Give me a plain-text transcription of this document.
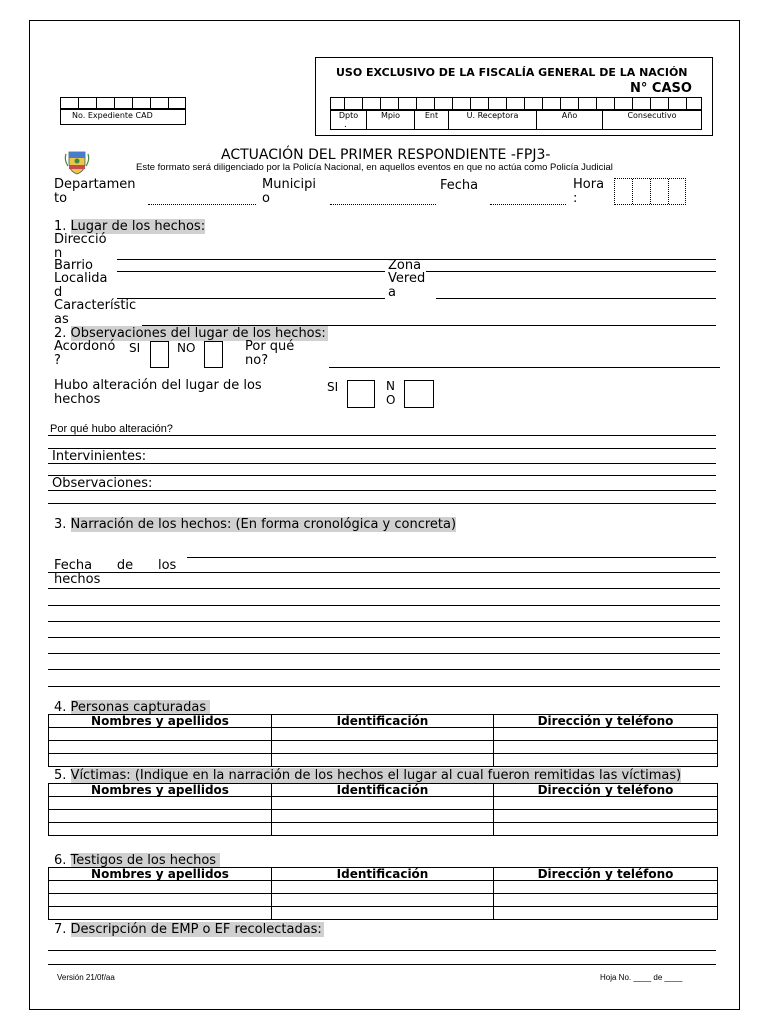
USO EXCLUSIVO DE LA FISCALÍA GENERAL DE LA NACIÓN
N° CASO
Dpto	Mpio	Ent	U. Receptora	Año	Consecutivo
.
No. Expediente CAD
ACTUACIÓN DEL PRIMER RESPONDIENTE -FPJ3-
Este formato será diligenciado por la Policía Nacional, en aquellos eventos en que no actúa como Policía Judicial
Departamen
to
Municipi
o
Fecha	Hora
:
1. Lugar de los hechos:
Direcció
n
Barrio	Zona
Localida
d
Vered
a
Característic
as
2. Observaciones del lugar de los hechos:
Acordonó
?
SI	NO	Por qué
no?
Hubo alteración del lugar de los
hechos
SI	N
O
Por qué hubo alteración?
Intervinientes:
Observaciones:
3. Narración de los hechos: (En forma cronológica y concreta)

Fecha      de      los
hechos

4. Personas capturadas
Nombres y apellidos	Identificación	Dirección y teléfono

5. Víctimas: (Indique en la narración de los hechos el lugar al cual fueron remitidas las víctimas)
Nombres y apellidos	Identificación	Dirección y teléfono

6. Testigos de los hechos
Nombres y apellidos	Identificación	Dirección y teléfono

7. Descripción de EMP o EF recolectadas:
Versión 21/0f/aa	Hoja No. ____ de ____
